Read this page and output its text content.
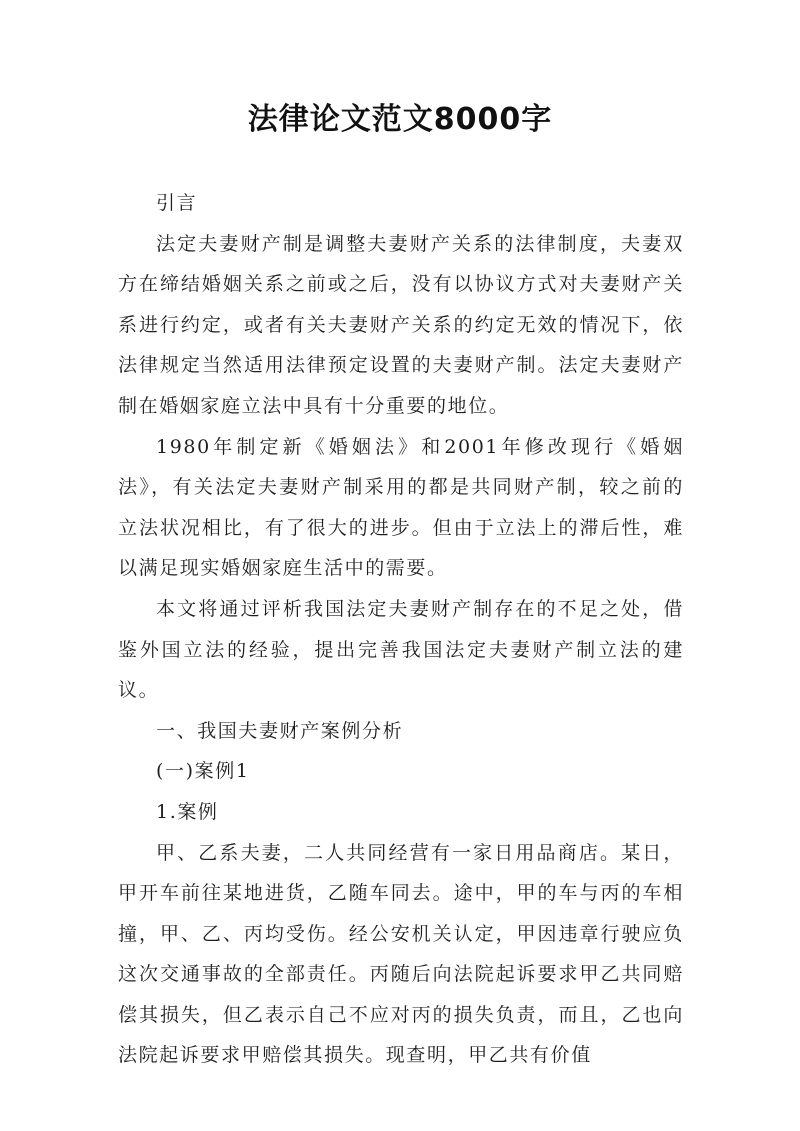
法律论文范文8000字

引言

法定夫妻财产制是调整夫妻财产关系的法律制度，夫妻双方在缔结婚姻关系之前或之后，没有以协议方式对夫妻财产关系进行约定，或者有关夫妻财产关系的约定无效的情况下，依法律规定当然适用法律预定设置的夫妻财产制。法定夫妻财产制在婚姻家庭立法中具有十分重要的地位。

1980年制定新《婚姻法》和2001年修改现行《婚姻法》，有关法定夫妻财产制采用的都是共同财产制，较之前的立法状况相比，有了很大的进步。但由于立法上的滞后性，难以满足现实婚姻家庭生活中的需要。

本文将通过评析我国法定夫妻财产制存在的不足之处，借鉴外国立法的经验，提出完善我国法定夫妻财产制立法的建议。

一、我国夫妻财产案例分析

(一)案例1

1.案例

甲、乙系夫妻，二人共同经营有一家日用品商店。某日，甲开车前往某地进货，乙随车同去。途中，甲的车与丙的车相撞，甲、乙、丙均受伤。经公安机关认定，甲因违章行驶应负这次交通事故的全部责任。丙随后向法院起诉要求甲乙共同赔偿其损失，但乙表示自己不应对丙的损失负责，而且，乙也向法院起诉要求甲赔偿其损失。现查明，甲乙共有价值
